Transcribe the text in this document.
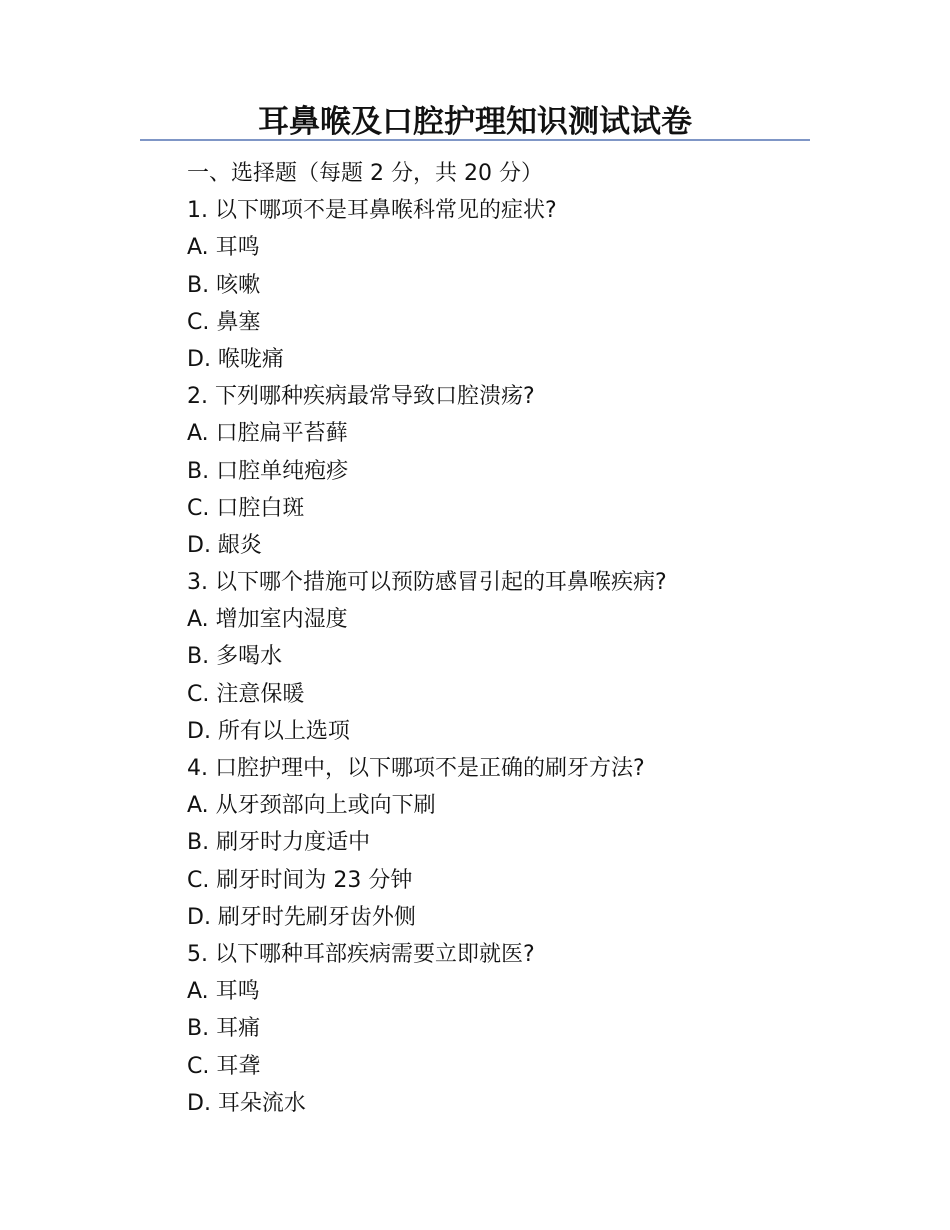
耳鼻喉及口腔护理知识测试试卷
一、选择题（每题 2 分，共 20 分）
1. 以下哪项不是耳鼻喉科常见的症状?
A. 耳鸣
B. 咳嗽
C. 鼻塞
D. 喉咙痛
2. 下列哪种疾病最常导致口腔溃疡?
A. 口腔扁平苔藓
B. 口腔单纯疱疹
C. 口腔白斑
D. 龈炎
3. 以下哪个措施可以预防感冒引起的耳鼻喉疾病?
A. 增加室内湿度
B. 多喝水
C. 注意保暖
D. 所有以上选项
4. 口腔护理中，以下哪项不是正确的刷牙方法?
A. 从牙颈部向上或向下刷
B. 刷牙时力度适中
C. 刷牙时间为 23 分钟
D. 刷牙时先刷牙齿外侧
5. 以下哪种耳部疾病需要立即就医?
A. 耳鸣
B. 耳痛
C. 耳聋
D. 耳朵流水
